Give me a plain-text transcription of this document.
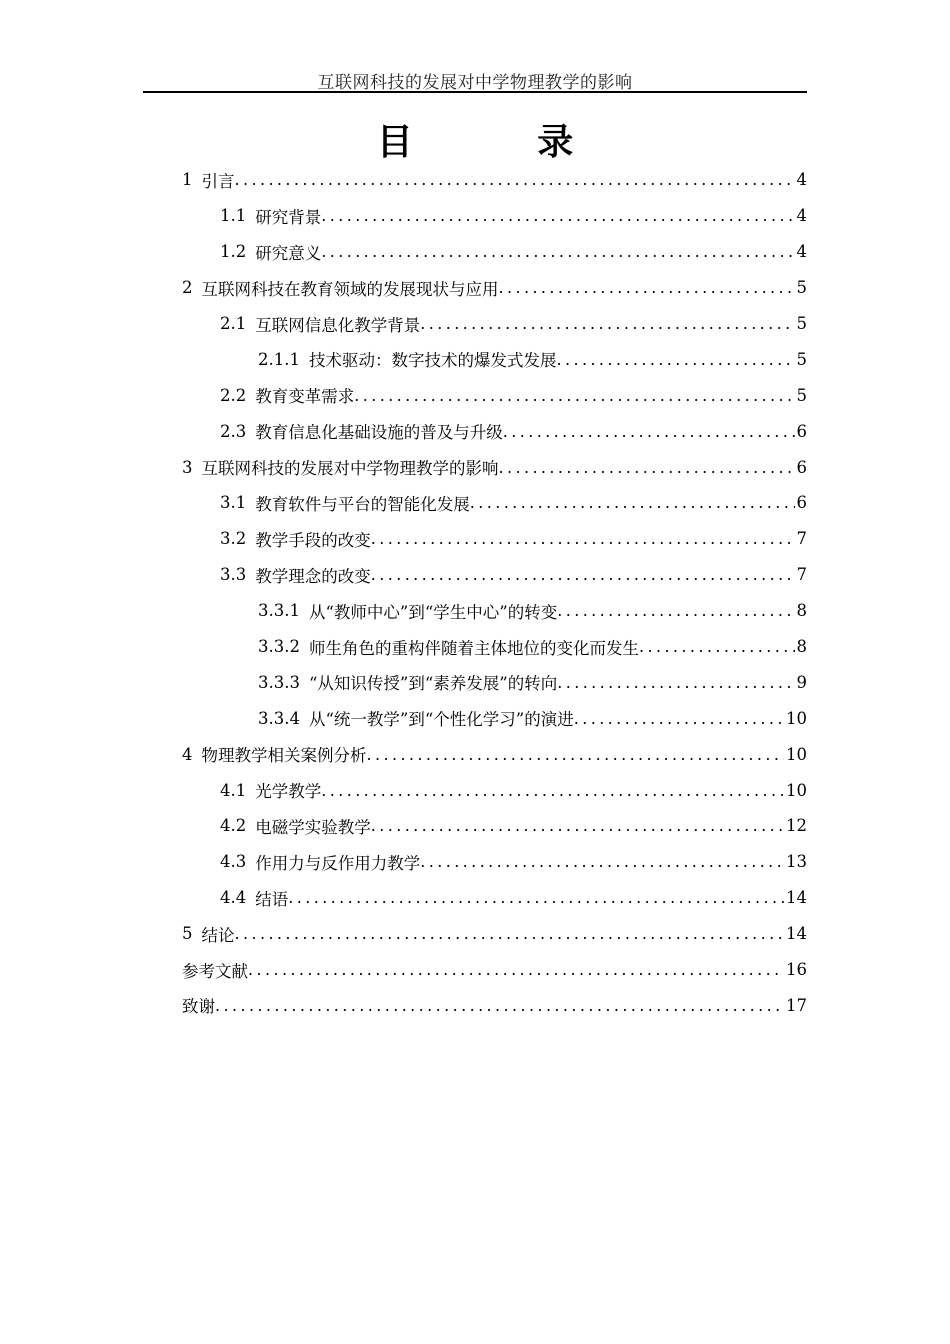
互联网科技的发展对中学物理教学的影响
目 录
1 引言 .....	4
1.1 研究背景 .....	4
1.2 研究意义 .....	4
2 互联网科技在教育领域的发展现状与应用 .....	5
2.1 互联网信息化教学背景 .....	5
2.1.1 技术驱动：数字技术的爆发式发展 .....	5
2.2 教育变革需求 .....	5
2.3 教育信息化基础设施的普及与升级 .....	6
3 互联网科技的发展对中学物理教学的影响 .....	6
3.1 教育软件与平台的智能化发展 .....	6
3.2 教学手段的改变 .....	7
3.3 教学理念的改变 .....	7
3.3.1 从“教师中心”到“学生中心”的转变 .....	8
3.3.2 师生角色的重构伴随着主体地位的变化而发生 .....	8
3.3.3 “从知识传授”到“素养发展”的转向 .....	9
3.3.4 从“统一教学”到“个性化学习”的演进 .....	10
4 物理教学相关案例分析 .....	10
4.1 光学教学 .....	10
4.2 电磁学实验教学 .....	12
4.3 作用力与反作用力教学 .....	13
4.4 结语 .....	14
5 结论 .....	14
参考文献 .....	16
致谢 .....	17
